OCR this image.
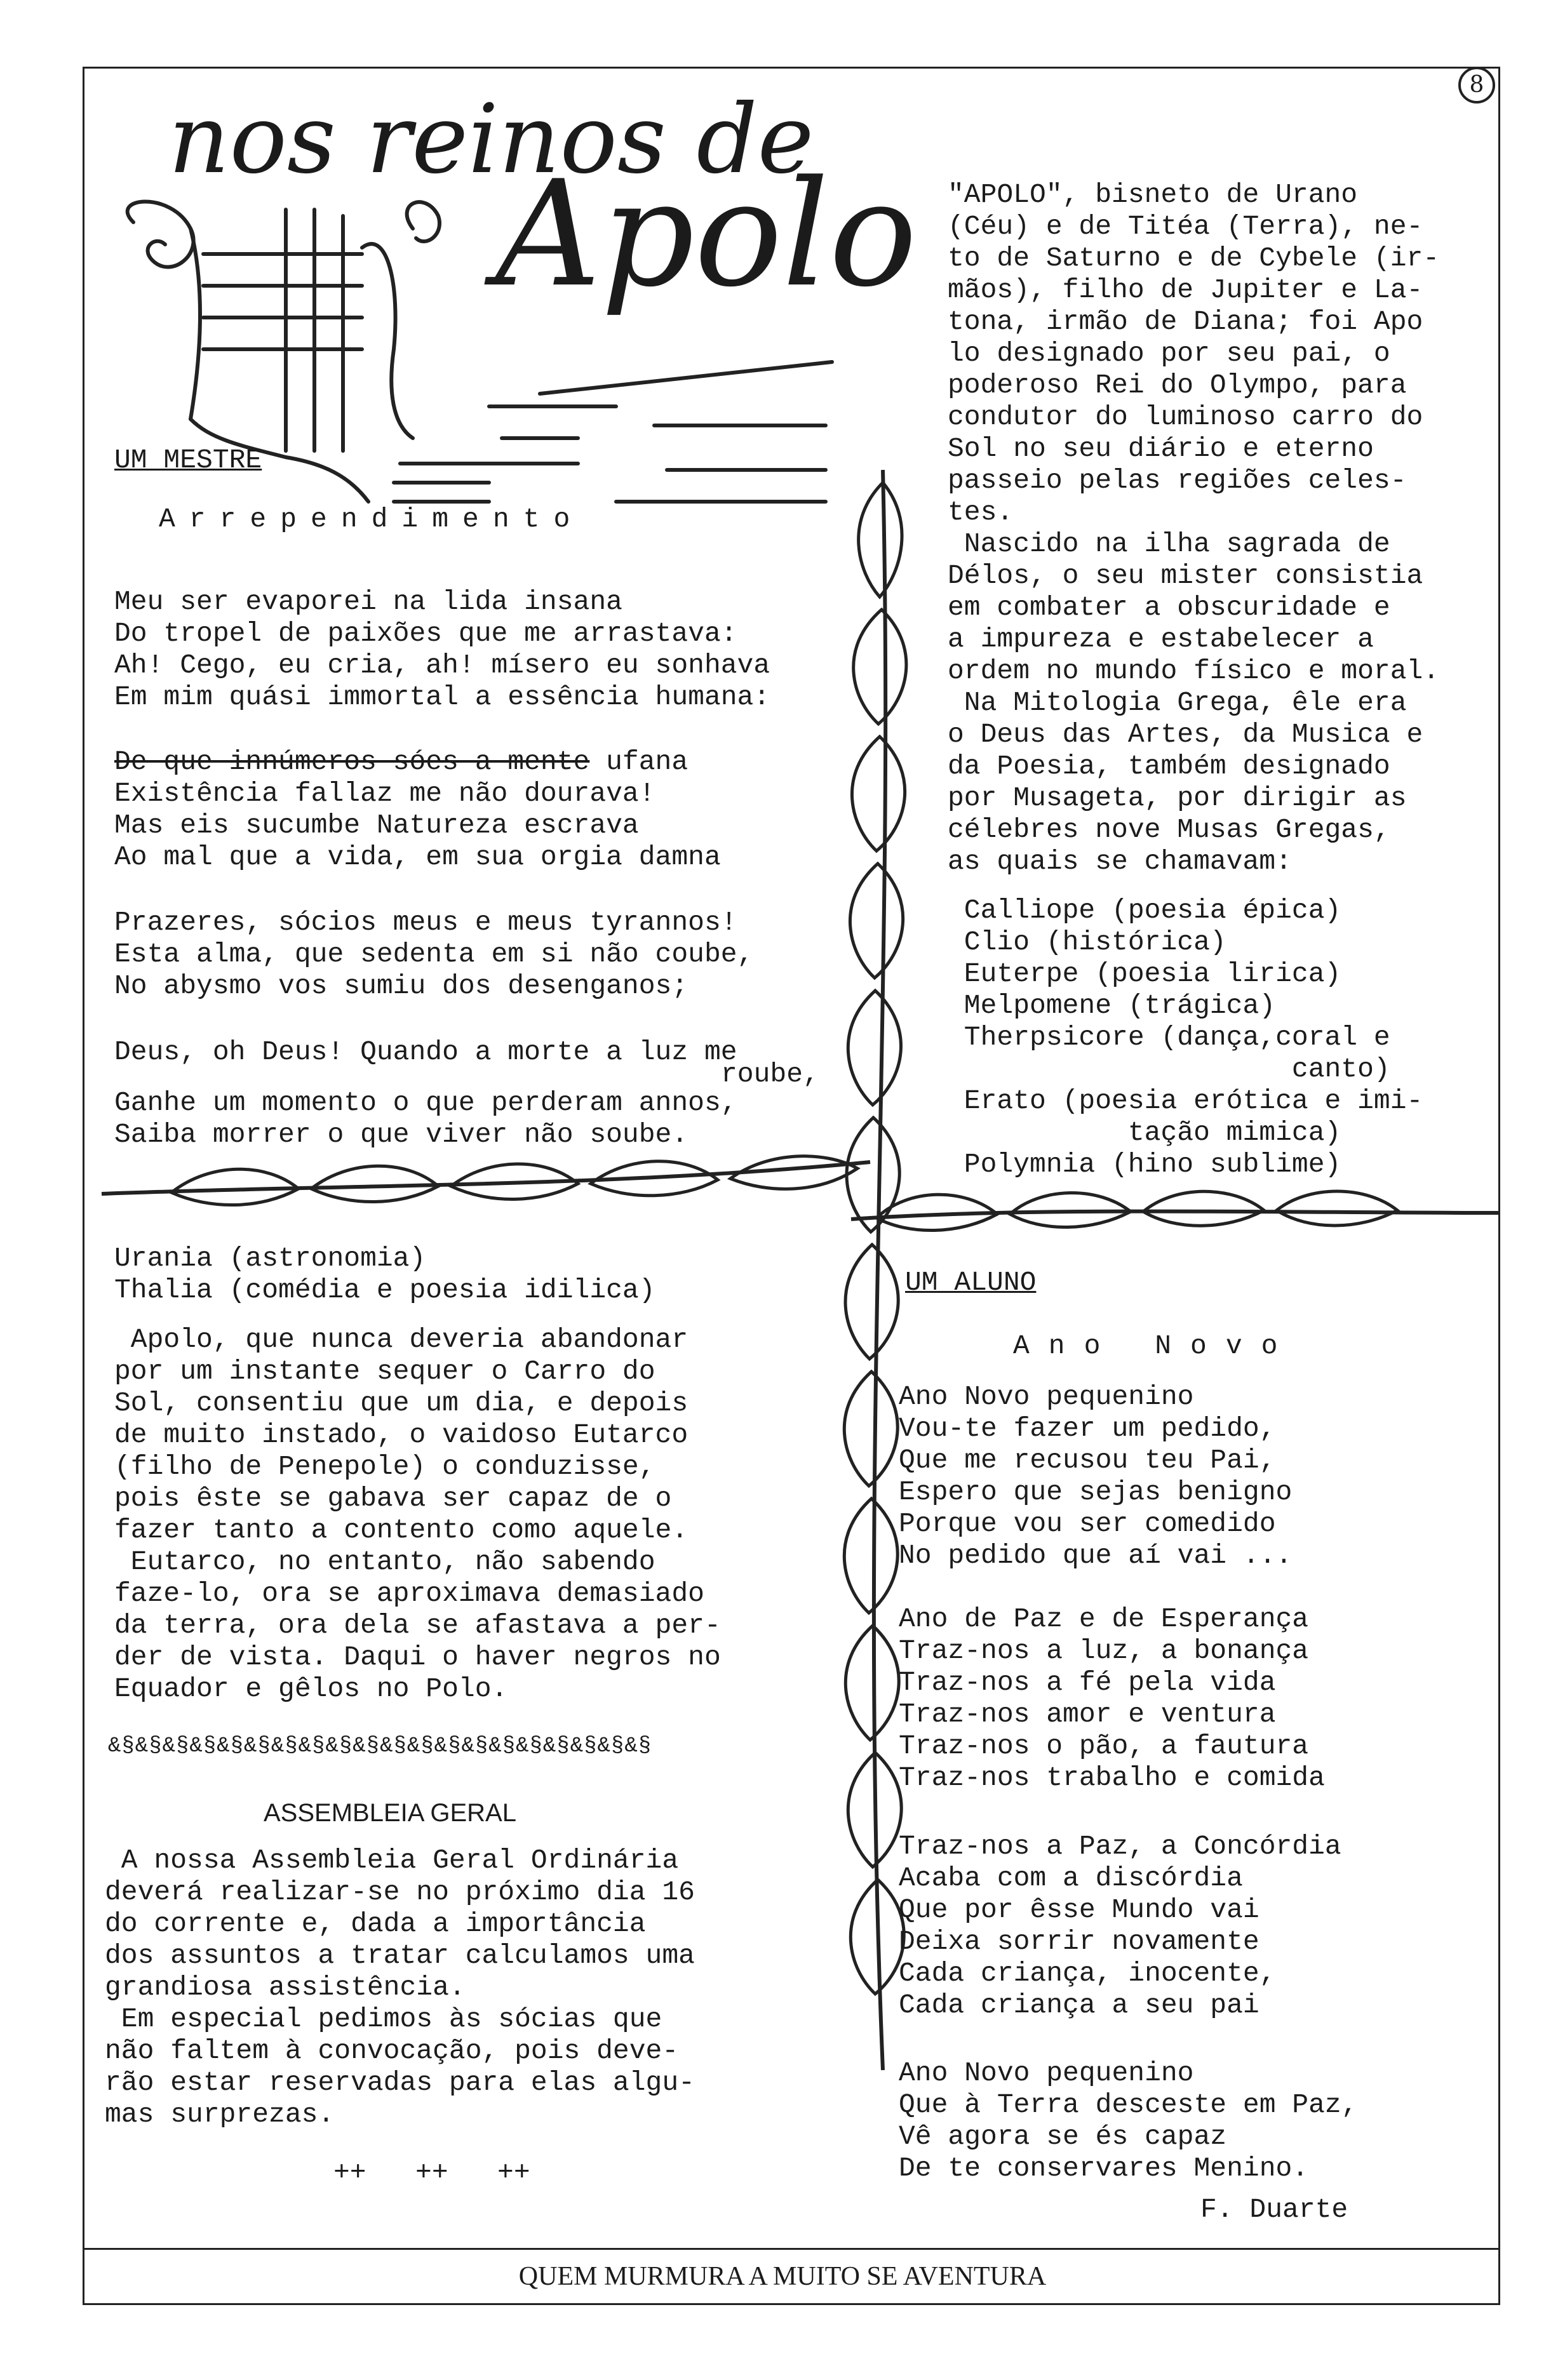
8
nos reinos de
Apolo
UM MESTRE
Arrependimento
Meu ser evaporei na lida insana
Do tropel de paixões que me arrastava:
Ah! Cego, eu cria, ah! mísero eu sonhava
Em mim quási immortal a essência humana:
De que innúmeros sóes a mente ufana
Existência fallaz me não dourava!
Mas eis sucumbe Natureza escrava
Ao mal que a vida, em sua orgia damna
Prazeres, sócios meus e meus tyrannos!
Esta alma, que sedenta em si não coube,
No abysmo vos sumiu dos desenganos;
Deus, oh Deus! Quando a morte a luz me
roube,
Ganhe um momento o que perderam annos,
Saiba morrer o que viver não soube.
"APOLO", bisneto de Urano
(Céu) e de Titéa (Terra), ne-
to de Saturno e de Cybele (ir-
mãos), filho de Jupiter e La-
tona, irmão de Diana; foi Apo
lo designado por seu pai, o
poderoso Rei do Olympo, para
condutor do luminoso carro do
Sol no seu diário e eterno
passeio pelas regiões celes-
tes.
Nascido na ilha sagrada de
Délos, o seu mister consistia
em combater a obscuridade e
a impureza e estabelecer a
ordem no mundo físico e moral.
Na Mitologia Grega, êle era
o Deus das Artes, da Musica e
da Poesia, também designado
por Musageta, por dirigir as
célebres nove Musas Gregas,
as quais se chamavam:
Calliope (poesia épica)
Clio (histórica)
Euterpe (poesia lirica)
Melpomene (trágica)
Therpsicore (dança,coral e
canto)
Erato (poesia erótica e imi-
tação mimica)
Polymnia (hino sublime)
Urania (astronomia)
Thalia (comédia e poesia idilica)
Apolo, que nunca deveria abandonar
por um instante sequer o Carro do
Sol, consentiu que um dia, e depois
de muito instado, o vaidoso Eutarco
(filho de Penepole) o conduzisse,
pois êste se gabava ser capaz de o
fazer tanto a contento como aquele.
Eutarco, no entanto, não sabendo
faze-lo, ora se aproximava demasiado
da terra, ora dela se afastava a per-
der de vista. Daqui o haver negros no
Equador e gêlos no Polo.
&§&§&§&§&§&§&§&§&§&§&§&§&§&§&§&§&§&§&§&§
ASSEMBLEIA GERAL
A nossa Assembleia Geral Ordinária
deverá realizar-se no próximo dia 16
do corrente e, dada a importância
dos assuntos a tratar calculamos uma
grandiosa assistência.
Em especial pedimos às sócias que
não faltem à convocação, pois deve-
rão estar reservadas para elas algu-
mas surprezas.
++   ++   ++
UM ALUNO
Ano Novo
Ano Novo pequenino
Vou-te fazer um pedido,
Que me recusou teu Pai,
Espero que sejas benigno
Porque vou ser comedido
No pedido que aí vai ...
Ano de Paz e de Esperança
Traz-nos a luz, a bonança
Traz-nos a fé pela vida
Traz-nos amor e ventura
Traz-nos o pão, a fautura
Traz-nos trabalho e comida
Traz-nos a Paz, a Concórdia
Acaba com a discórdia
Que por êsse Mundo vai
Deixa sorrir novamente
Cada criança, inocente,
Cada criança a seu pai
Ano Novo pequenino
Que à Terra desceste em Paz,
Vê agora se és capaz
De te conservares Menino.
F. Duarte
QUEM MURMURA A MUITO SE AVENTURA
